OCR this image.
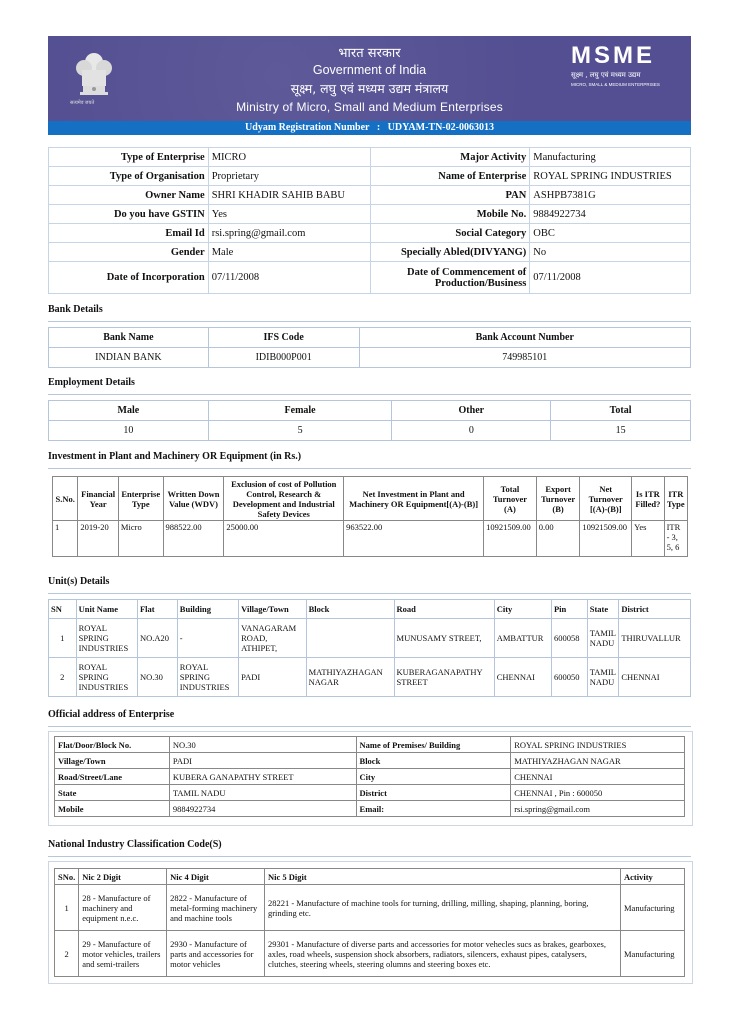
सत्यमेव जयते
भारत सरकार
Government of India
सूक्ष्म, लघु एवं मध्यम उद्यम मंत्रालय
Ministry of Micro, Small and Medium Enterprises
MSME
सूक्ष्म , लघु एवं मध्यम उद्यम
MICRO, SMALL & MEDIUM ENTERPRISES
Udyam Registration Number : UDYAM-TN-02-0063013
Type of Enterprise	MICRO	Major Activity	Manufacturing
Type of Organisation	Proprietary	Name of Enterprise	ROYAL SPRING INDUSTRIES
Owner Name	SHRI KHADIR SAHIB BABU	PAN	ASHPB7381G
Do you have GSTIN	Yes	Mobile No.	9884922734
Email Id	rsi.spring@gmail.com	Social Category	OBC
Gender	Male	Specially Abled(DIVYANG)	No
Date of Incorporation	07/11/2008	Date of Commencement of Production/Business	07/11/2008
Bank Details
Bank Name	IFS Code	Bank Account Number
INDIAN BANK	IDIB000P001	749985101
Employment Details
Male	Female	Other	Total
10	5	0	15
Investment in Plant and Machinery OR Equipment (in Rs.)
S.No.	Financial Year	Enterprise Type	Written Down Value (WDV)	Exclusion of cost of Pollution Control, Research & Development and Industrial Safety Devices	Net Investment in Plant and Machinery OR Equipment[(A)-(B)]	Total Turnover (A)	Export Turnover (B)	Net Turnover [(A)-(B)]	Is ITR Filled?	ITR Type
1	2019-20	Micro	988522.00	25000.00	963522.00	10921509.00	0.00	10921509.00	Yes	ITR - 3, 5, 6
Unit(s) Details
SN	Unit Name	Flat	Building	Village/Town	Block	Road	City	Pin	State	District
1	ROYAL SPRING INDUSTRIES	NO.A20	-	VANAGARAM ROAD, ATHIPET,		MUNUSAMY STREET,	AMBATTUR	600058	TAMIL NADU	THIRUVALLUR
2	ROYAL SPRING INDUSTRIES	NO.30	ROYAL SPRING INDUSTRIES	PADI	MATHIYAZHAGAN NAGAR	KUBERAGANAPATHY STREET	CHENNAI	600050	TAMIL NADU	CHENNAI
Official address of Enterprise
Flat/Door/Block No.	NO.30	Name of Premises/ Building	ROYAL SPRING INDUSTRIES
Village/Town	PADI	Block	MATHIYAZHAGAN NAGAR
Road/Street/Lane	KUBERA GANAPATHY STREET	City	CHENNAI
State	TAMIL NADU	District	CHENNAI , Pin : 600050
Mobile	9884922734	Email:	rsi.spring@gmail.com
National Industry Classification Code(S)
SNo.	Nic 2 Digit	Nic 4 Digit	Nic 5 Digit	Activity
1	28 - Manufacture of machinery and equipment n.e.c.	2822 - Manufacture of metal-forming machinery and machine tools	28221 - Manufacture of machine tools for turning, drilling, milling, shaping, planning, boring, grinding etc.	Manufacturing
2	29 - Manufacture of motor vehicles, trailers and semi-trailers	2930 - Manufacture of parts and accessories for motor vehicles	29301 - Manufacture of diverse parts and accessories for motor vehecles sucs as brakes, gearboxes, axles, road wheels, suspension shock absorbers, radiators, silencers, exhaust pipes, catalysers, clutches, steering wheels, steering olumns and steering boxes etc.	Manufacturing
